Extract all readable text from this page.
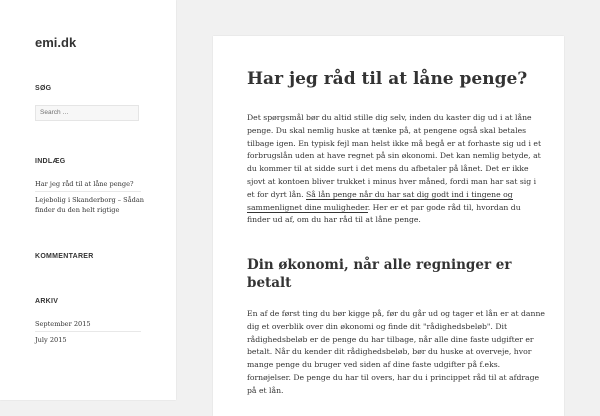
emi.dk
SØG
Search …
INDLÆG
Har jeg råd til at låne penge?
Lejebolig i Skanderborg – Sådan finder du den helt rigtige
KOMMENTARER
ARKIV
September 2015
July 2015
Har jeg råd til at låne penge?

Det spørgsmål bør du altid stille dig selv, inden du kaster dig ud i at låne penge. Du skal nemlig huske at tænke på, at pengene også skal betales tilbage igen. En typisk fejl man helst ikke må begå er at forhaste sig ud i et forbrugslån uden at have regnet på sin økonomi. Det kan nemlig betyde, at du kommer til at sidde surt i det mens du afbetaler på lånet. Det er ikke sjovt at kontoen bliver trukket i minus hver måned, fordi man har sat sig i et for dyrt lån. Så lån penge når du har sat dig godt ind i tingene og sammenlignet dine muligheder. Her er et par gode råd til, hvordan du finder ud af, om du har råd til at låne penge.

Din økonomi, når alle regninger er betalt

En af de først ting du bør kigge på, før du går ud og tager et lån er at danne dig et overblik over din økonomi og finde dit "rådighedsbeløb". Dit rådighedsbeløb er de penge du har tilbage, når alle dine faste udgifter er betalt. Når du kender dit rådighedsbeløb, bør du huske at overveje, hvor mange penge du bruger ved siden af dine faste udgifter på f.eks. fornøjelser. De penge du har til overs, har du i princippet råd til at afdrage på et lån.
